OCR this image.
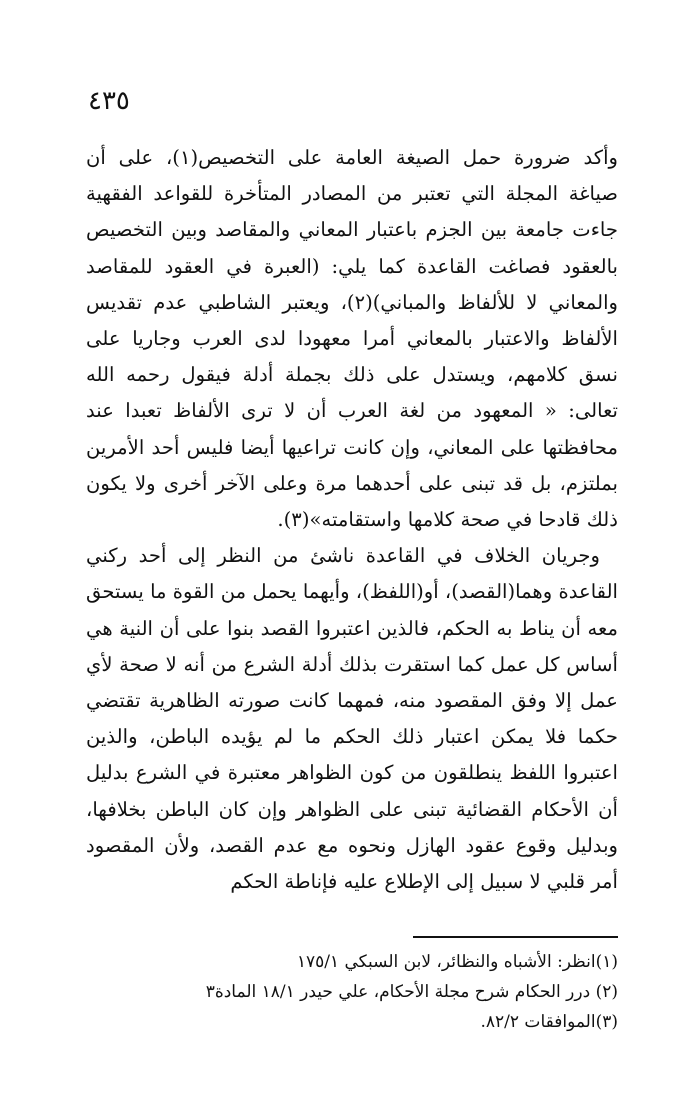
٤٣٥

وأكد ضرورة حمل الصيغة العامة على التخصيص(١)، على أن صياغة المجلة التي تعتبر من المصادر المتأخرة للقواعد الفقهية جاءت جامعة بين الجزم باعتبار المعاني والمقاصد وبين التخصيص بالعقود فصاغت القاعدة كما يلي: (العبرة في العقود للمقاصد والمعاني لا للألفاظ والمباني)(٢)، ويعتبر الشاطبي عدم تقديس الألفاظ والاعتبار بالمعاني أمرا معهودا لدى العرب وجاريا على نسق كلامهم، ويستدل على ذلك بجملة أدلة فيقول رحمه الله تعالى: « المعهود من لغة العرب أن لا ترى الألفاظ تعبدا عند محافظتها على المعاني، وإن كانت تراعيها أيضا فليس أحد الأمرين بملتزم، بل قد تبنى على أحدهما مرة وعلى الآخر أخرى ولا يكون ذلك قادحا في صحة كلامها واستقامته»(٣).

وجريان الخلاف في القاعدة ناشئ من النظر إلى أحد ركني القاعدة وهما(القصد)، أو(اللفظ)، وأيهما يحمل من القوة ما يستحق معه أن يناط به الحكم، فالذين اعتبروا القصد بنوا على أن النية هي أساس كل عمل كما استقرت بذلك أدلة الشرع من أنه لا صحة لأي عمل إلا وفق المقصود منه، فمهما كانت صورته الظاهرية تقتضي حكما فلا يمكن اعتبار ذلك الحكم ما لم يؤيده الباطن، والذين اعتبروا اللفظ ينطلقون من كون الظواهر معتبرة في الشرع بدليل أن الأحكام القضائية تبنى على الظواهر وإن كان الباطن بخلافها، وبدليل وقوع عقود الهازل ونحوه مع عدم القصد، ولأن المقصود أمر قلبي لا سبيل إلى الإطلاع عليه فإناطة الحكم

(١)انظر: الأشباه والنظائر، لابن السبكي ١٧٥/١
(٢) درر الحكام شرح مجلة الأحكام، علي حيدر ١٨/١ المادة٣
(٣)الموافقات ٨٢/٢.
